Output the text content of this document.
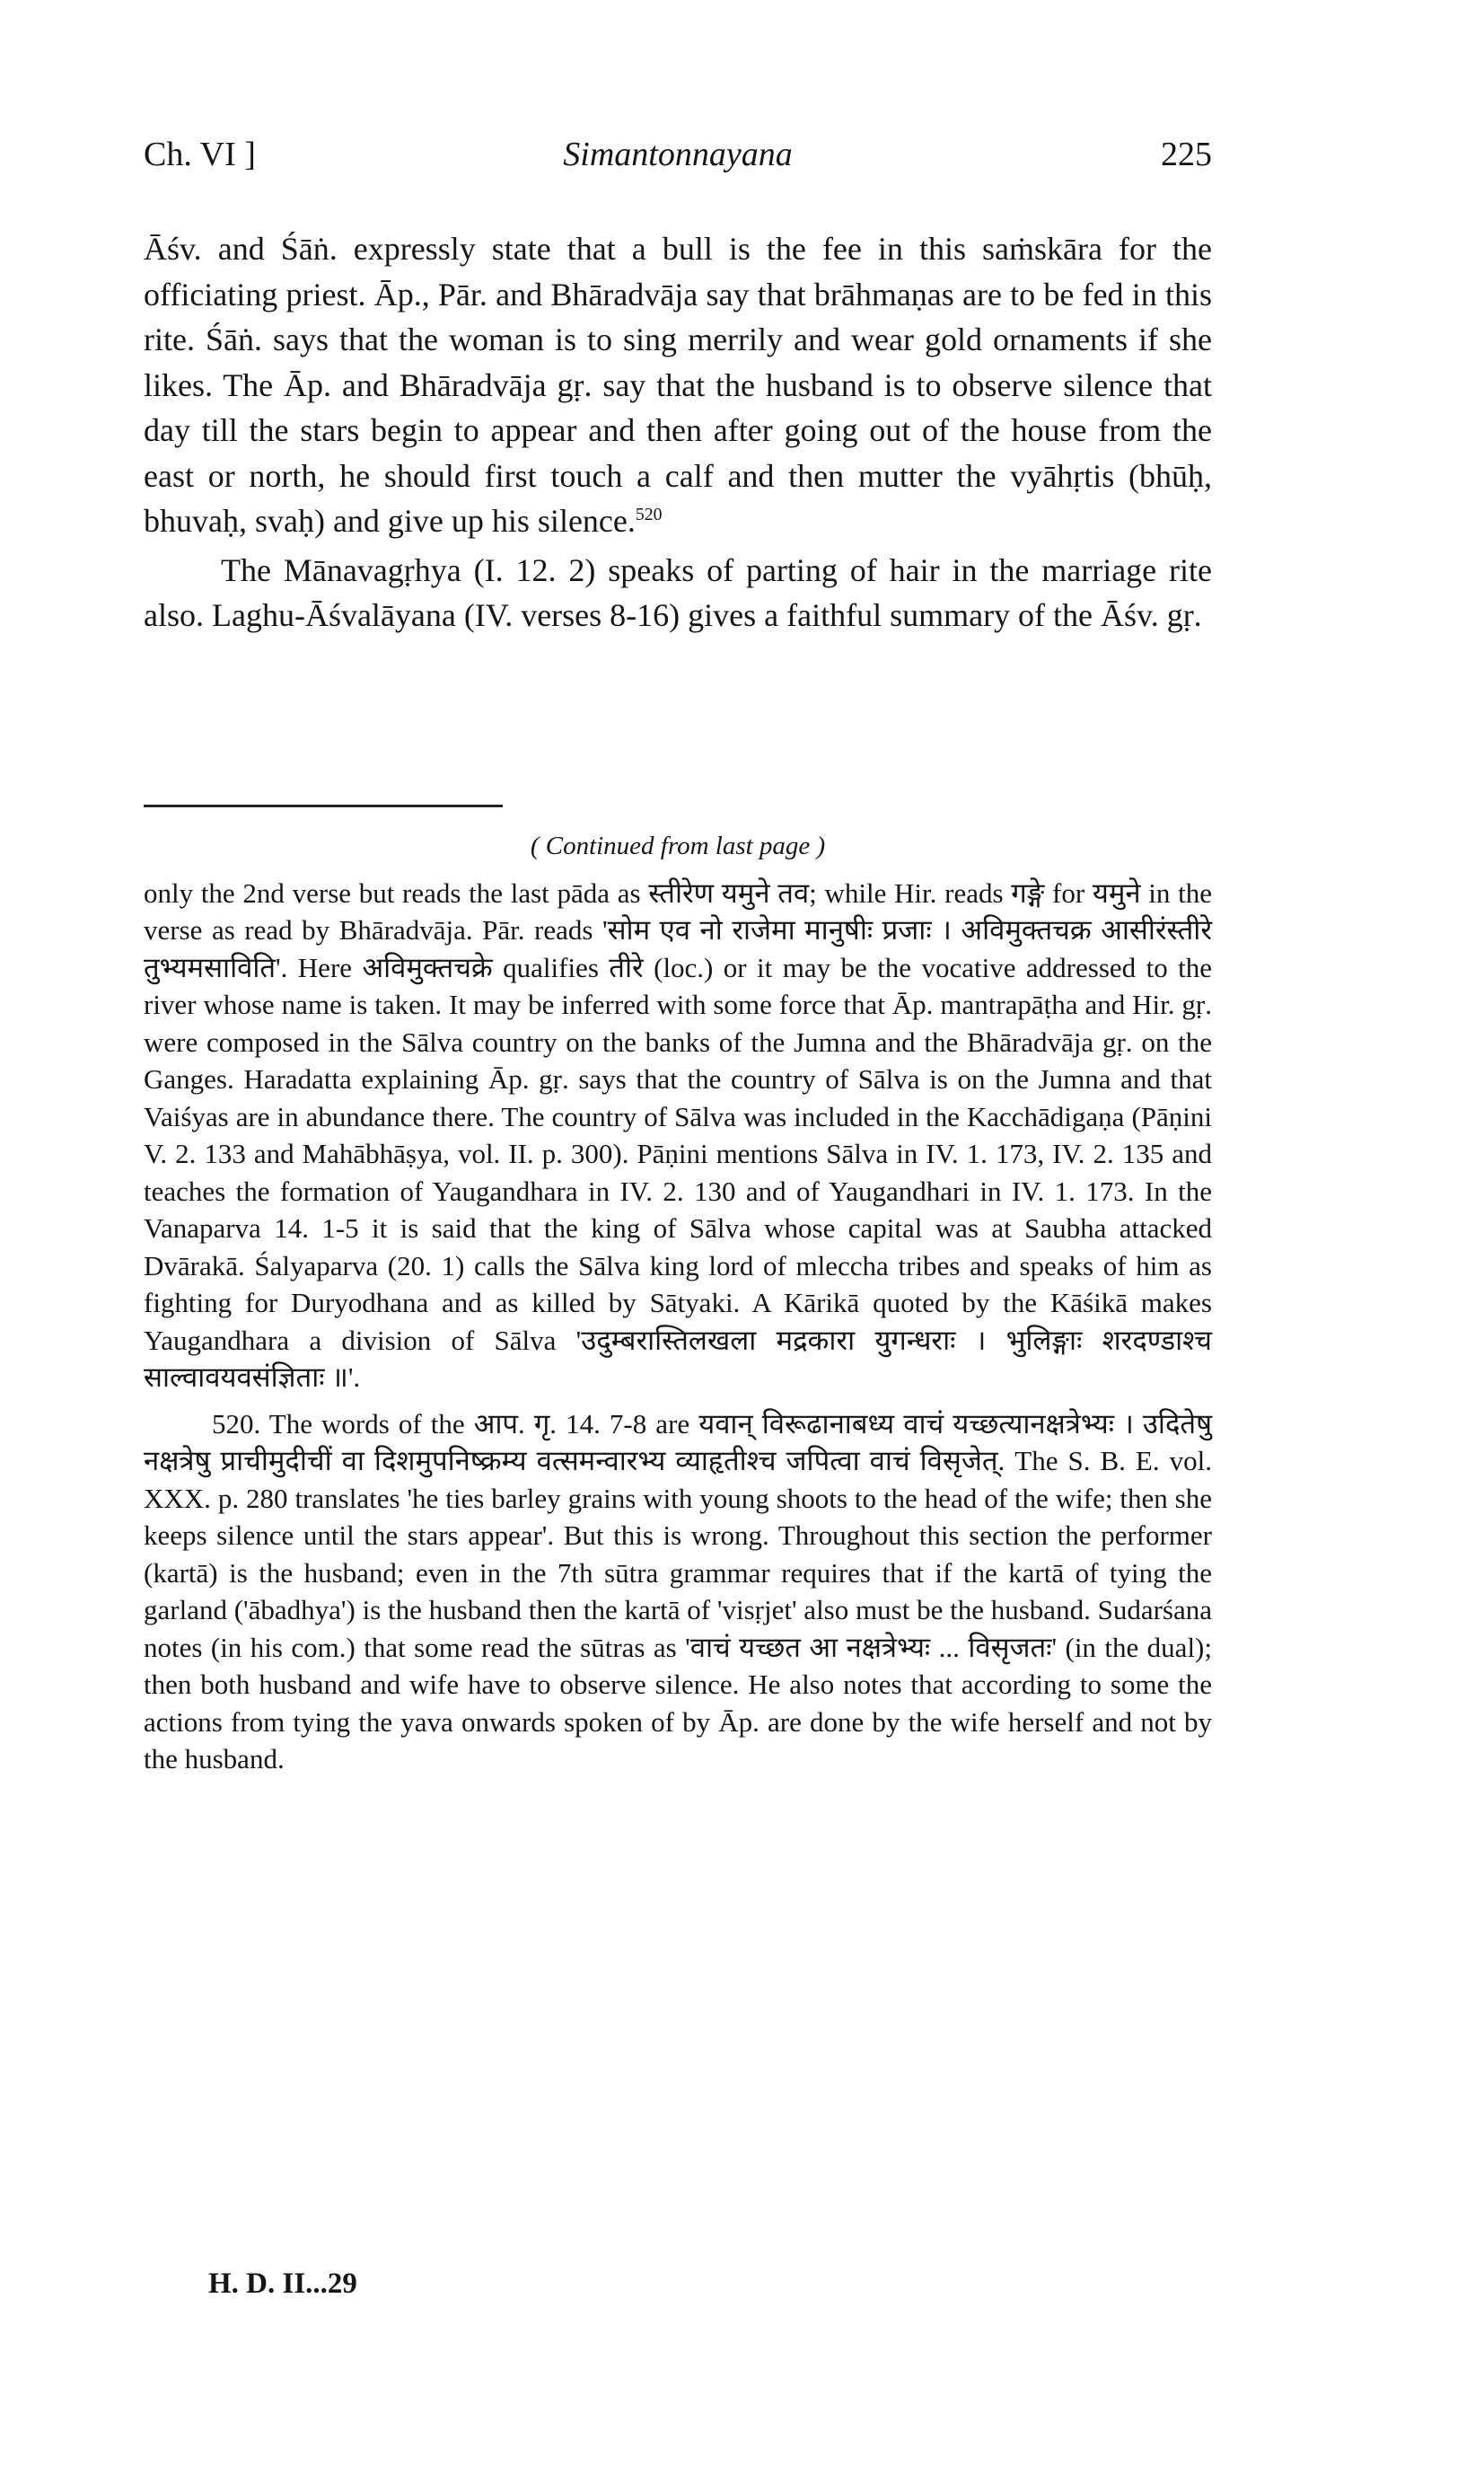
Ch. VI ]	Simantonnayana	225

Āśv. and Śāṅ. expressly state that a bull is the fee in this saṁskāra for the officiating priest. Āp., Pār. and Bhāradvāja say that brāhmaṇas are to be fed in this rite. Śāṅ. says that the woman is to sing merrily and wear gold ornaments if she likes. The Āp. and Bhāradvāja gṛ. say that the husband is to observe silence that day till the stars begin to appear and then after going out of the house from the east or north, he should first touch a calf and then mutter the vyāhṛtis (bhūḥ, bhuvaḥ, svaḥ) and give up his silence.$^{520}$

The Mānavagṛhya (I. 12. 2) speaks of parting of hair in the marriage rite also. Laghu-Āśvalāyana (IV. verses 8-16) gives a faithful summary of the Āśv. gṛ.

( Continued from last page )

only the 2nd verse but reads the last pāda as स्तीरेण यमुने तव; while Hir. reads गङ्गे for यमुने in the verse as read by Bhāradvāja. Pār. reads 'सोम एव नो राजेमा मानुषीः प्रजाः । अविमुक्तचक्र आसीरंस्तीरे तुभ्यमसाविति'. Here अविमुक्तचक्रे qualifies तीरे (loc.) or it may be the vocative addressed to the river whose name is taken. It may be inferred with some force that Āp. mantrapāṭha and Hir. gṛ. were composed in the Sālva country on the banks of the Jumna and the Bhāradvāja gṛ. on the Ganges. Haradatta explaining Āp. gṛ. says that the country of Sālva is on the Jumna and that Vaiśyas are in abundance there. The country of Sālva was included in the Kacchādigaṇa (Pāṇini V. 2. 133 and Mahābhāṣya, vol. II. p. 300). Pāṇini mentions Sālva in IV. 1. 173, IV. 2. 135 and teaches the formation of Yaugandhara in IV. 2. 130 and of Yaugandhari in IV. 1. 173. In the Vanaparva 14. 1-5 it is said that the king of Sālva whose capital was at Saubha attacked Dvārakā. Śalyaparva (20. 1) calls the Sālva king lord of mleccha tribes and speaks of him as fighting for Duryodhana and as killed by Sātyaki. A Kārikā quoted by the Kāśikā makes Yaugandhara a division of Sālva 'उदुम्बरास्तिलखला मद्रकारा युगन्धराः । भुलिङ्गाः शरदण्डाश्च साल्वावयवसंज्ञिताः ॥'.

520. The words of the आप. गृ. 14. 7-8 are यवान् विरूढानाबध्य वाचं यच्छत्यानक्षत्रेभ्यः । उदितेषु नक्षत्रेषु प्राचीमुदीचीं वा दिशमुपनिष्क्रम्य वत्समन्वारभ्य व्याहृतीश्च जपित्वा वाचं विसृजेत्. The S. B. E. vol. XXX. p. 280 translates 'he ties barley grains with young shoots to the head of the wife; then she keeps silence until the stars appear'. But this is wrong. Throughout this section the performer (kartā) is the husband; even in the 7th sūtra grammar requires that if the kartā of tying the garland ('ābadhya') is the husband then the kartā of 'visṛjet' also must be the husband. Sudarśana notes (in his com.) that some read the sūtras as 'वाचं यच्छत आ नक्षत्रेभ्यः ... विसृजतः' (in the dual); then both husband and wife have to observe silence. He also notes that according to some the actions from tying the yava onwards spoken of by Āp. are done by the wife herself and not by the husband.

H. D. II...29
